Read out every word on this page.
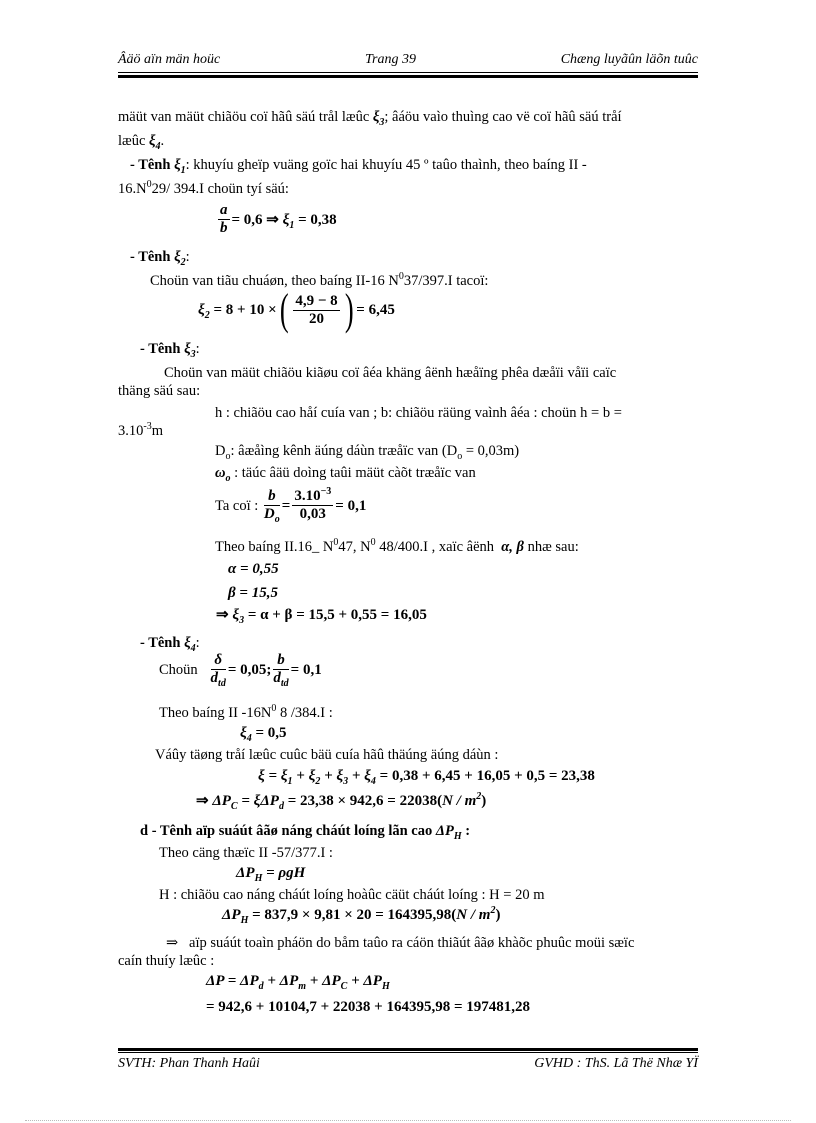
Âäö aïn män hoüc	Trang 39	Chæng luyãûn läõn tuûc
mäüt van mäüt chiãöu coï hãû säú trål læûc $\xi_3$; âáöu vaìo thuìng cao vë coï hãû säú tråí
læûc $\xi_4$.
- Tênh $\xi_1$: khuyíu gheïp vuäng goïc hai khuyíu 45 º taûo thaình, theo baíng II -
$16.N^029/$ 394.I choün tyí säú:
$\frac{a}{b} = 0,6$ ⇒
$\xi_1$
= 0,38
- Tênh $\xi_2$:
Choün van tiãu chuáøn, theo baíng II-16 $N^037/397.I$ tacoï:
$\xi_2$
= 8 + 10 × ( $\frac{4,9 - 8}{20}$ ) = 6,45
- Tênh $\xi_3$:
Choün van mäüt chiãöu kiãøu coï âéa khäng âënh hæåïng phêa dæåïi våïi caïc
thäng säú sau:
h : chiãöu cao håí cuía van ; b: chiãöu räüng vaình âéa : choün h = b =
$3.10^{-3}m$
$D_o$: âæåìng kênh äúng dáùn træåïc van $(D_o = 0,03m)$
$\omega_o$ : täúc âäü doìng taûi mäüt càõt træåïc van
Ta coï :
$\frac{b}{D_o} = \frac{3.10^{-3}}{0,03} = 0,1$
Theo baíng II.16_ $N^047$, $N^0$ 48/400.I , xaïc âënh α, β nhæ sau:
α = 0,55
β = 15,5
⇒ $\xi_3 = \alpha + \beta = 15,5 + 0,55 = 16,05$
- Tênh $\xi_4$:
Choün
$\frac{\delta}{d_{td}} = 0,05$; $\frac{b}{d_{td}} = 0,1$
Theo baíng II $-16N^0$ 8 /384.I :
$\xi_4 = 0,5$
Váûy täøng tråí læûc cuûc bäü cuía hãû thäúng äúng dáùn :
$\xi = \xi_1 + \xi_2 + \xi_3 + \xi_4 = 0,38 + 6,45 + 16,05 + 0,5 = 23,38$
⇒ $\Delta P_C = \xi\Delta P_d = 23,38 \times 942,6 = 22038(N / m^2)$
d - Tênh aïp suáút âãø náng cháút loíng lãn cao $\Delta P_H$ :
Theo cäng thæïc II -57/377.I :
$\Delta P_H = \rho gH$
H : chiãöu cao náng cháút loíng hoàûc cäüt cháút loíng : H = 20 m
$\Delta P_H = 837,9 \times 9,81 \times 20 = 164395,98(N / m^2)$
⇒   aïp suáút toaìn pháön do båm taûo ra cáön thiãút âãø khàõc phuûc moüi sæïc
caín thuíy læûc :
$\Delta P = \Delta P_d + \Delta P_m + \Delta P_C + \Delta P_H$
= 942,6 + 10104,7 + 22038 + 164395,98 = 197481,28
SVTH: Phan Thanh Haûi	GVHD : ThS. Lã Thë Nhæ YÏ
